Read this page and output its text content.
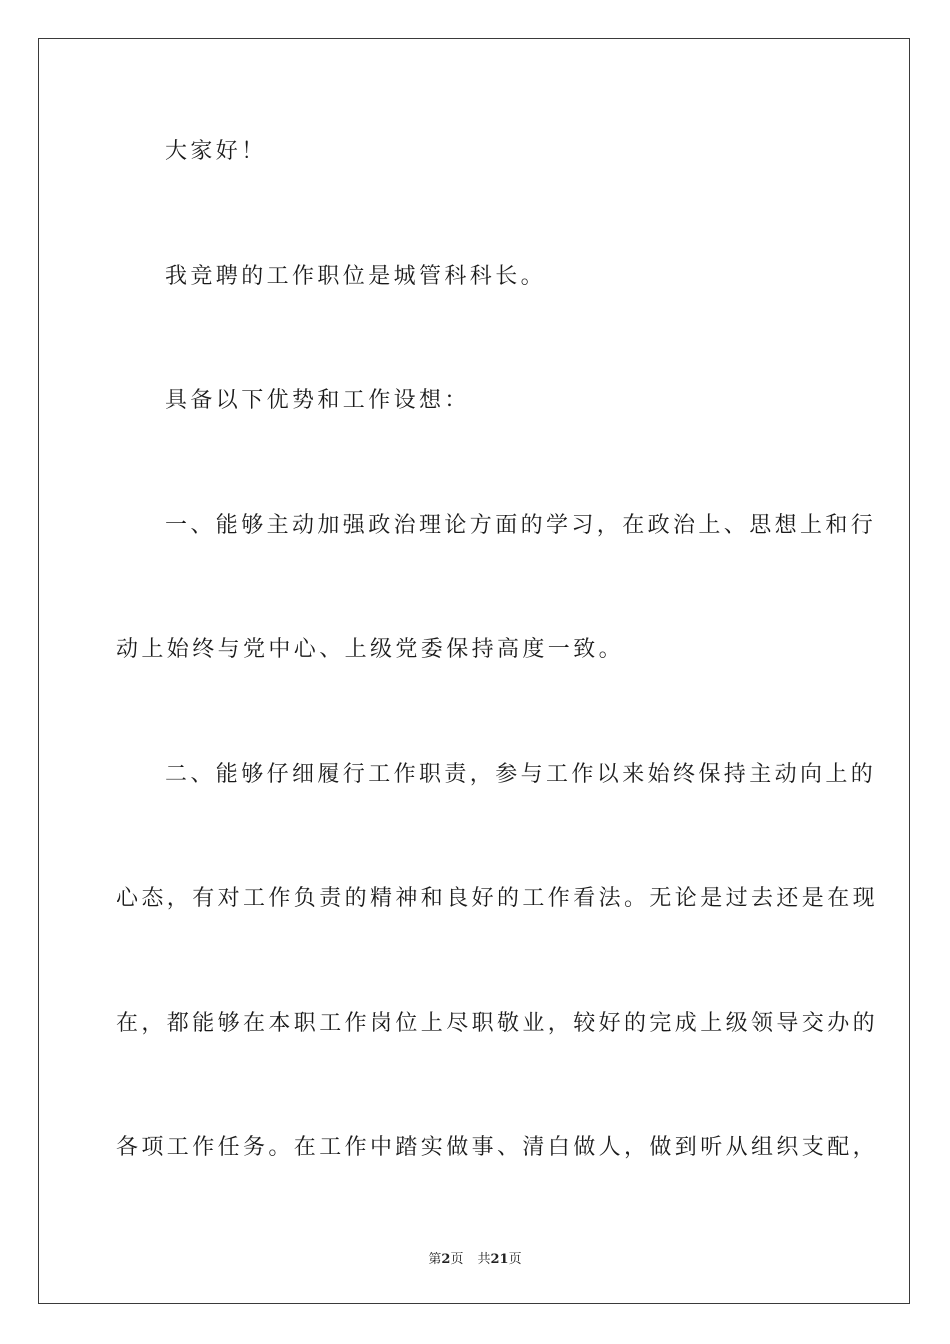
大家好！
我竞聘的工作职位是城管科科长。
具备以下优势和工作设想：
一、能够主动加强政治理论方面的学习，在政治上、思想上和行
动上始终与党中心、上级党委保持高度一致。
二、能够仔细履行工作职责，参与工作以来始终保持主动向上的
心态，有对工作负责的精神和良好的工作看法。无论是过去还是在现
在，都能够在本职工作岗位上尽职敬业，较好的完成上级领导交办的
各项工作任务。在工作中踏实做事、清白做人，做到听从组织支配，
第2页 共21页
